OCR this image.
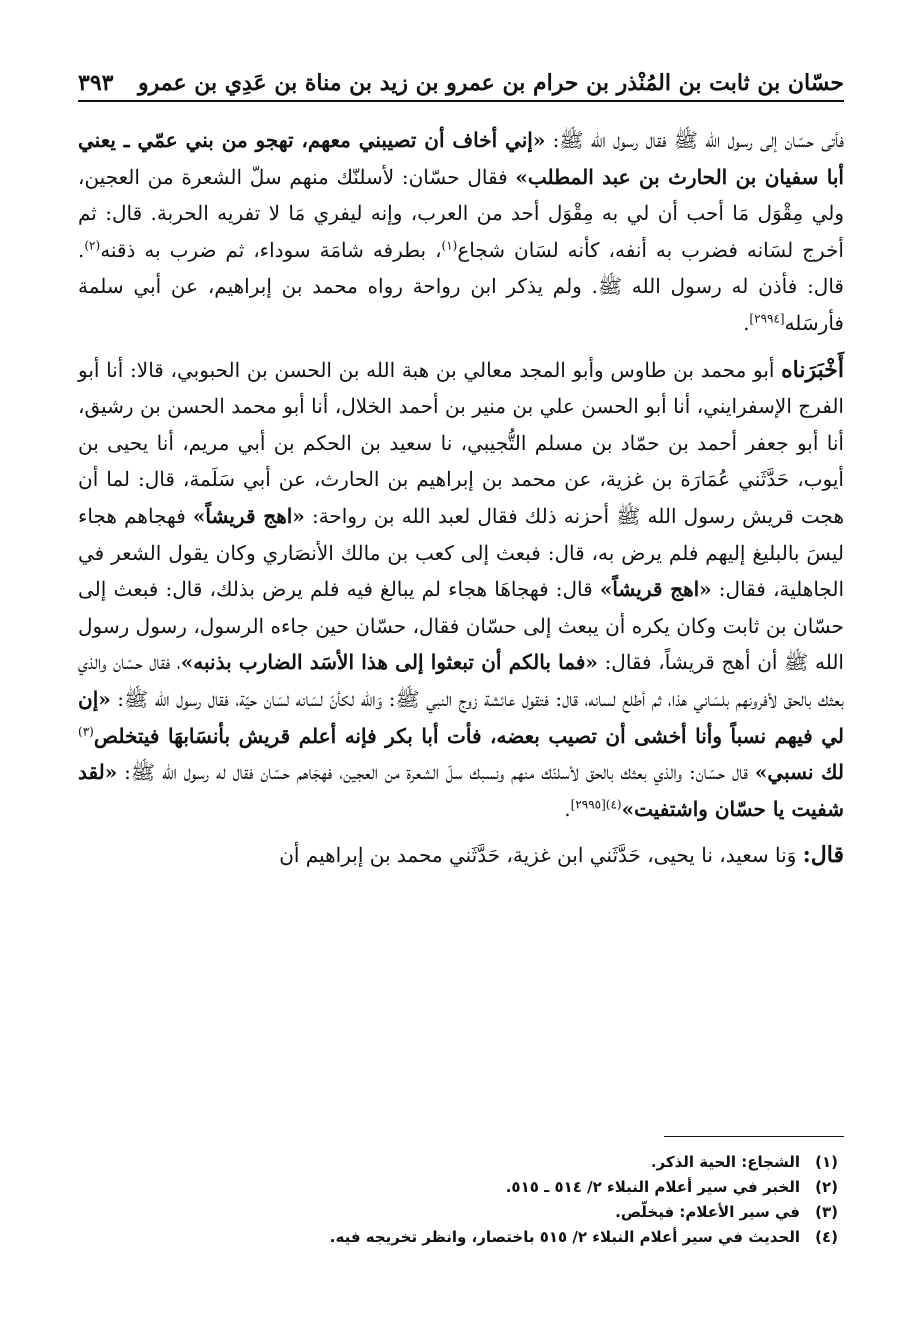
حسّان بن ثابت بن المُنْذر بن حرام بن عمرو بن زيد بن مناة بن عَدِي بن عمرو
٣٩٣

فأتى حسّان إلى رسول الله ﷺ فقال رسول الله ﷺ: «إني أخاف أن تصيبني معهم، تهجو من بني عمّي ـ يعني أبا سفيان بن الحارث بن عبد المطلب» فقال حسّان: لأسلنّك منهم سلّ الشعرة من العجين، ولي مِقْوَل مَا أحب أن لي به مِقْوَل أحد من العرب، وإنه ليفري مَا لا تفريه الحربة. قال: ثم أخرج لسَانه فضرب به أنفه، كأنه لسَان شجاع$^{(١)}$، بطرفه شامَة سوداء، ثم ضرب به ذقنه$^{(٢)}$. قال: فأذن له رسول الله ﷺ. ولم يذكر ابن رواحة رواه محمد بن إبراهيم، عن أبي سلمة فأرسَله[٢٩٩٤].

أَخْبَرَناه أبو محمد بن طاوس وأبو المجد معالي بن هبة الله بن الحسن بن الحبوبي، قالا: أنا أبو الفرج الإسفرايني، أنا أبو الحسن علي بن منير بن أحمد الخلال، أنا أبو محمد الحسن بن رشيق، أنا أبو جعفر أحمد بن حمّاد بن مسلم التُّجيبي، نا سعيد بن الحكم بن أبي مريم، أنا يحيى بن أيوب، حَدَّثَني عُمَارَة بن غزية، عن محمد بن إبراهيم بن الحارث، عن أبي سَلَمة، قال: لما أن هجت قريش رسول الله ﷺ أحزنه ذلك فقال لعبد الله بن رواحة: «اهج قريشاً» فهجاهم هجاء ليسَ بالبليغ إليهم فلم يرض به، قال: فبعث إلى كعب بن مالك الأنصَاري وكان يقول الشعر في الجاهلية، فقال: «اهج قريشاً» قال: فهجاهَا هجاء لم يبالغ فيه فلم يرض بذلك، قال: فبعث إلى حسّان بن ثابت وكان يكره أن يبعث إلى حسّان فقال، حسّان حين جاءه الرسول، رسول رسول الله ﷺ أن أهج قريشاً، فقال: «فما بالكم أن تبعثوا إلى هذا الأسَد الضارب بذنبه»، فقال حسّان والذي بعثك بالحق لأفرونهم بلسَاني هذا، ثم أطلع لسانه، قال: فتقول عائشة زوج النبي ﷺ: وَالله لكأنّ لسَانه لسَان حيّة، فقال رسول الله ﷺ: «إن لي فيهم نسباً وأنا أخشى أن تصيب بعضه، فأت أبا بكر فإنه أعلم قريش بأنسَابهَا فيتخلص$^{(٣)}$ لك نسبي» قال حسّان: والذي بعثك بالحق لأسلنّك منهم ونسبك سلّ الشعرة من العجين، فهجَاهم حسّان فقال له رسول الله ﷺ: «لقد شفيت يا حسّان واشتفيت»$^{(٤)[٢٩٩٥]}$.

قال: وَنا سعيد، نا يحيى، حَدَّثَني ابن غزية، حَدَّثَني محمد بن إبراهيم أن

(١)
الشجاع: الحية الذكر.
(٢)
الخبر في سير أعلام النبلاء ٢/ ٥١٤ ـ ٥١٥.
(٣)
في سير الأعلام: فيخلّص.
(٤)
الحديث في سير أعلام النبلاء ٢/ ٥١٥ باختصار، وانظر تخريجه فيه.
